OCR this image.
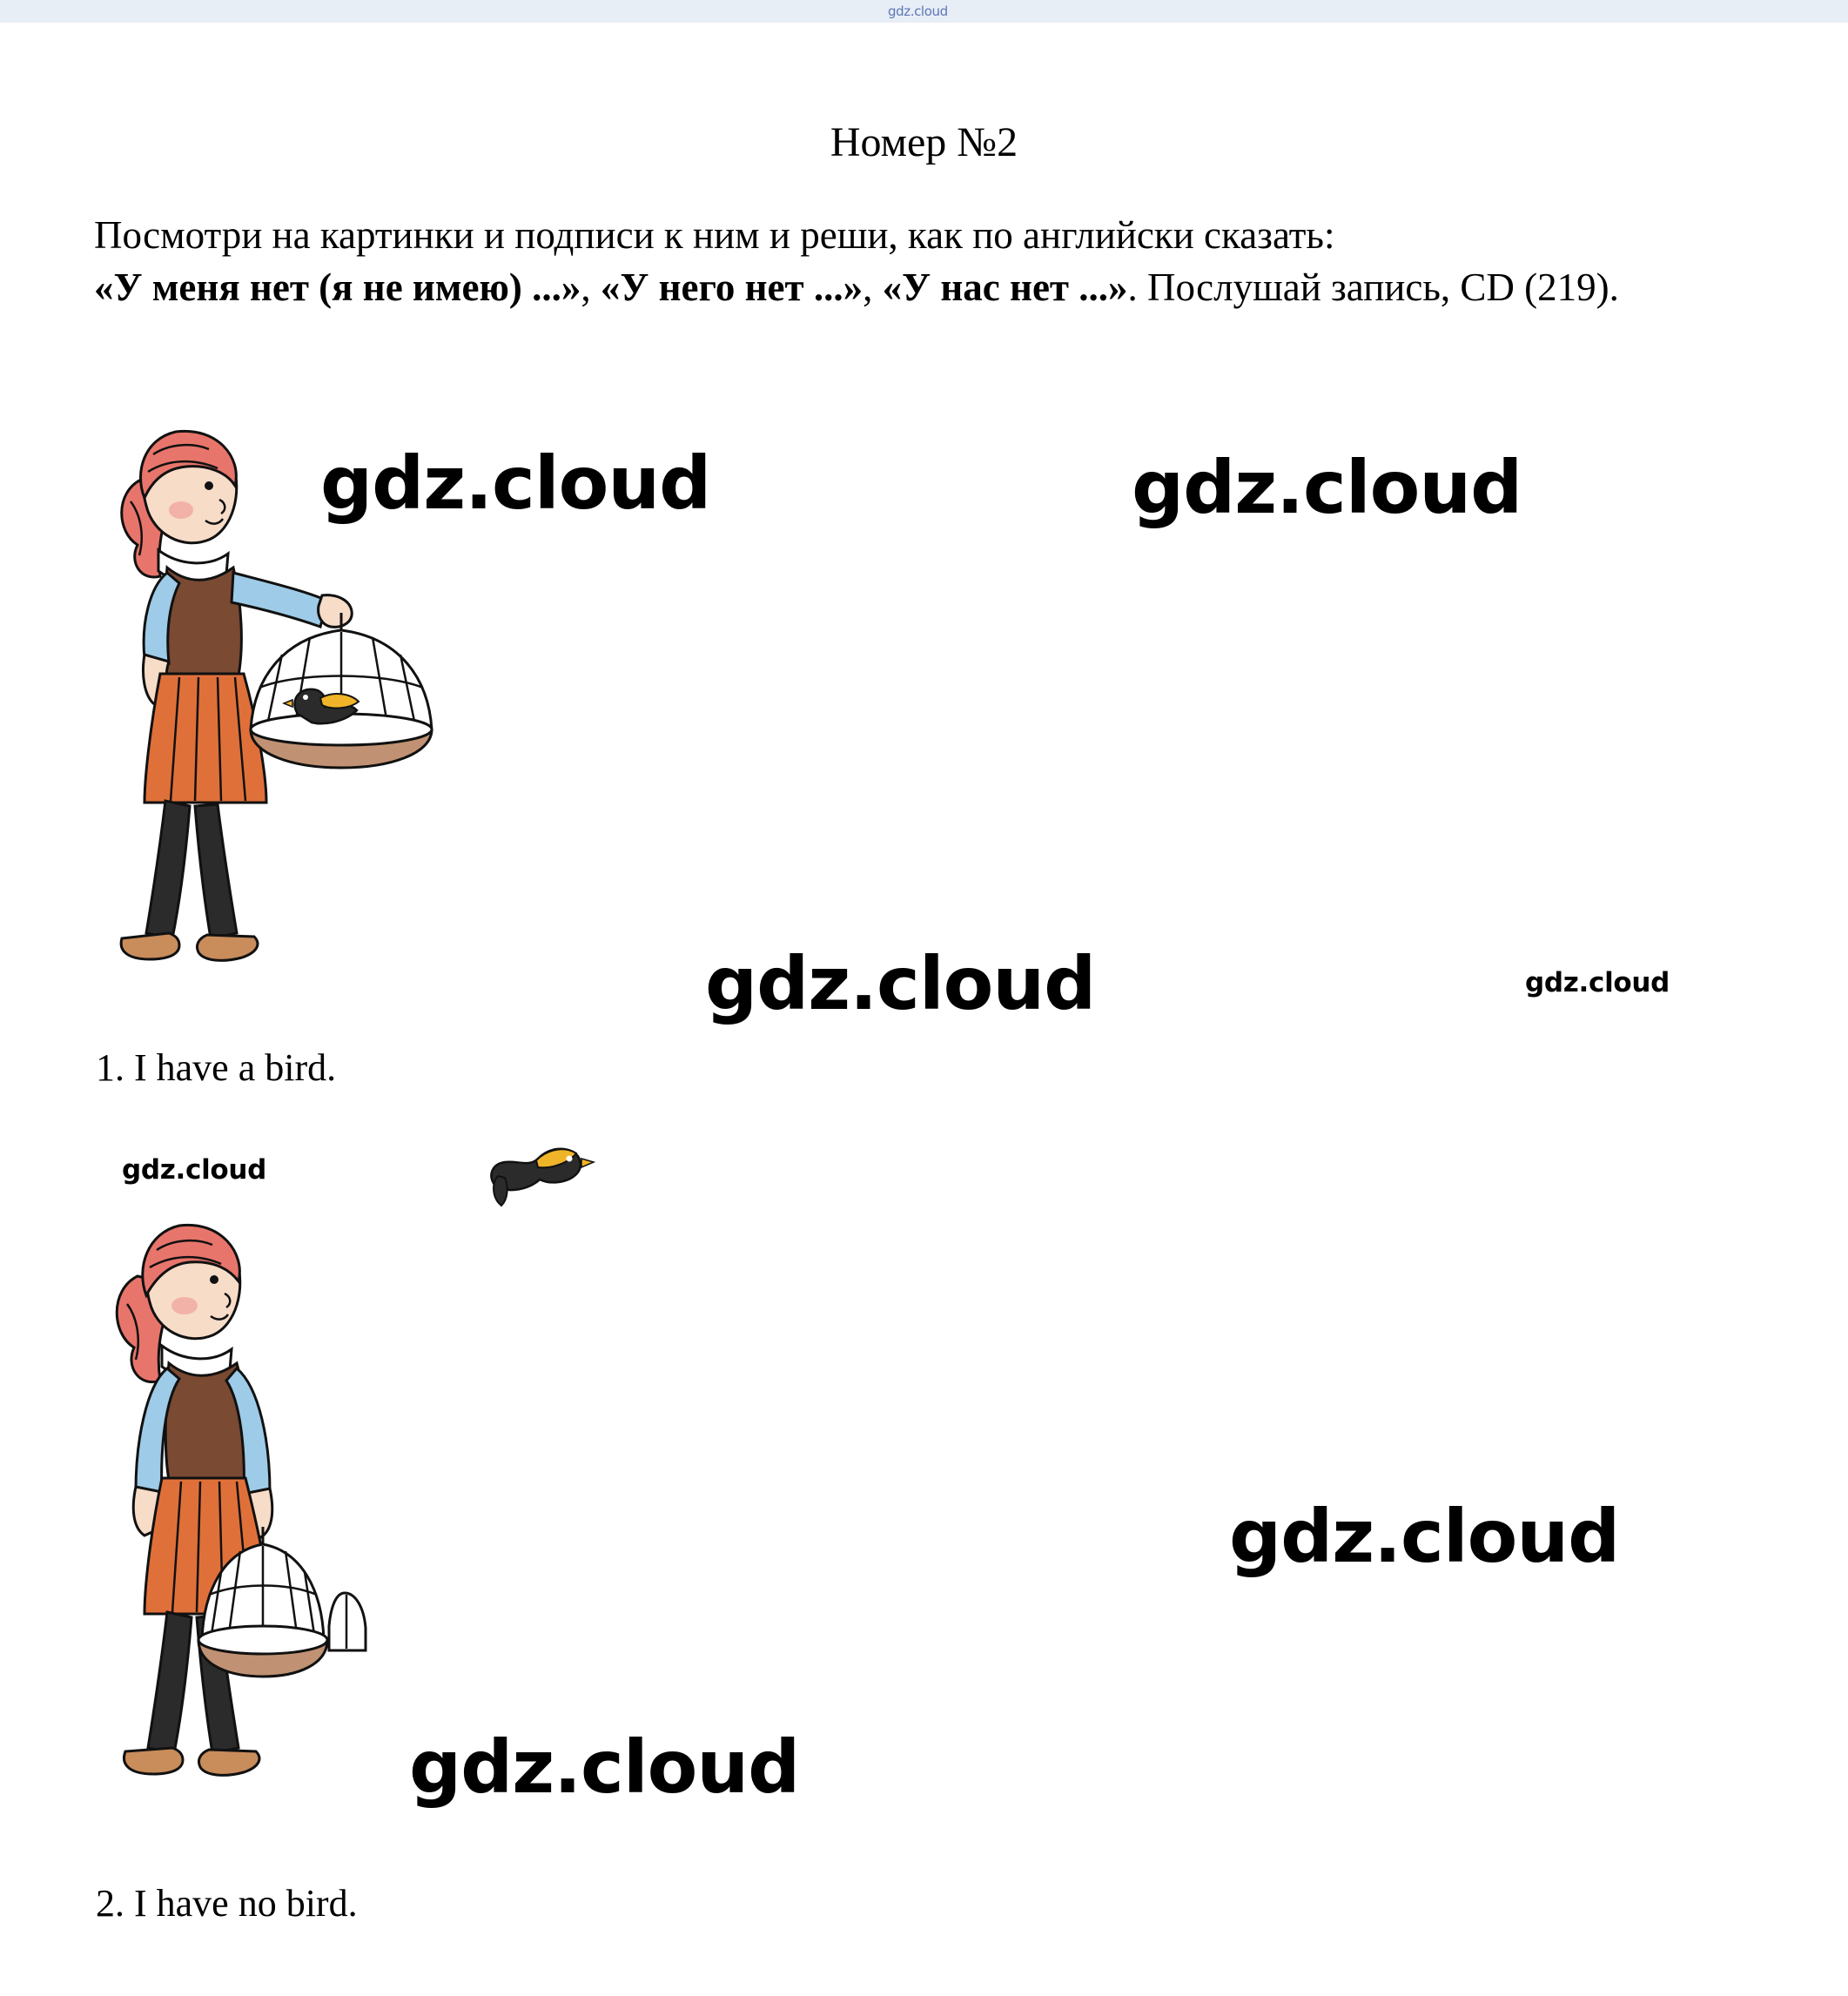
gdz.cloud
Номер №2
Посмотри на картинки и подписи к ним и реши, как по английски сказать:
«У меня нет (я не имею) ...», «У него нет ...», «У нас нет ...». Послушай запись, CD (219).
1. I have a bird.
2. I have no bird.
gdz.cloud	gdz.cloud
gdz.cloud	gdz.cloud
gdz.cloud
gdz.cloud
gdz.cloud
